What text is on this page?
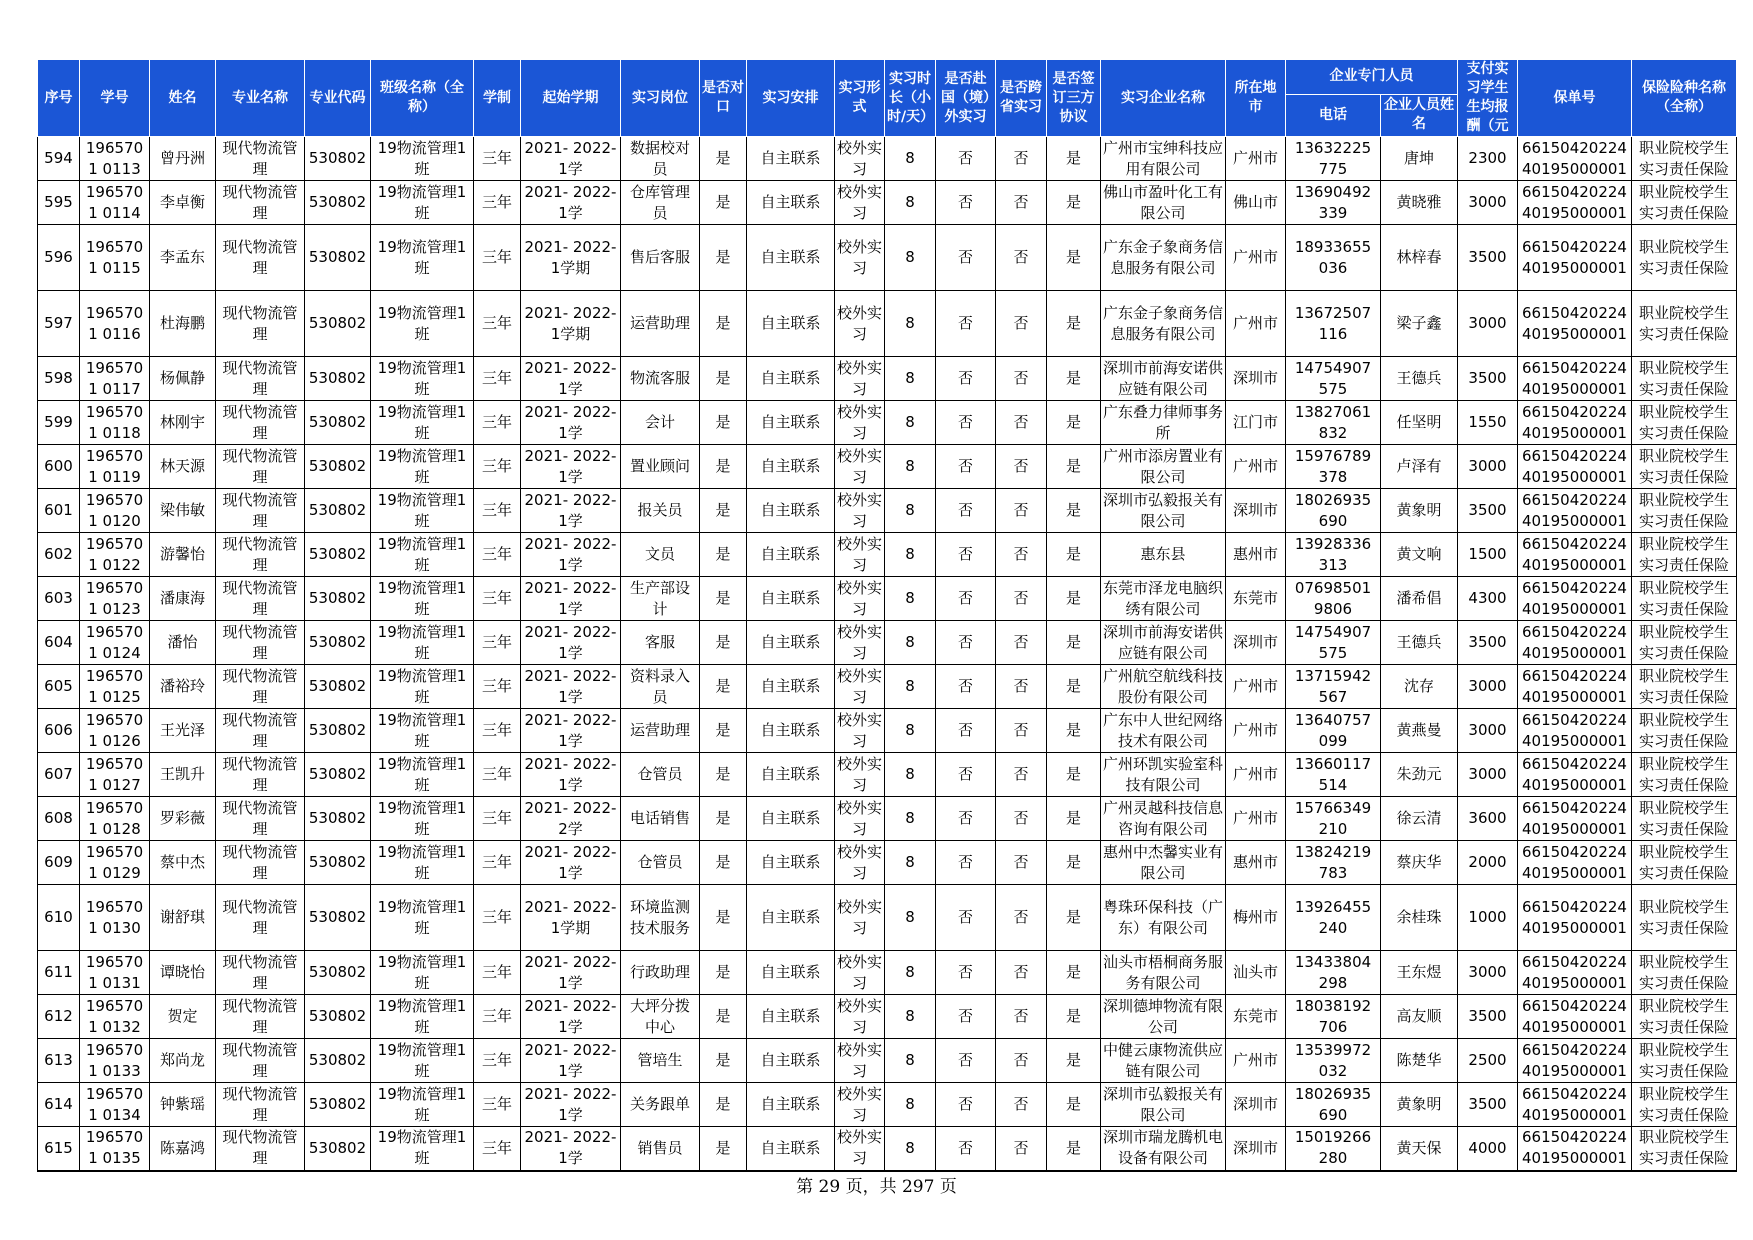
序号	学号	姓名	专业名称	专业代码	班级名称（全称）	学制	起始学期	实习岗位	是否对口	实习安排	实习形式	实习时长（小时/天）	是否赴国（境）外实习	是否跨省实习	是否签订三方协议	实习企业名称	所在地市	企业专门人员		支付实习学生生均报酬（元	保单号	保险险种名称（全称）
																		电话	企业人员姓名			

594	1965701 0113	曾丹洲	现代物流管理	530802	19物流管理1班	三年	2021- 2022-1学	数据校对员	是	自主联系	校外实习	8	否	否	是	广州市宝绅科技应用有限公司	广州市	13632225 775	唐坤	2300	66150420224 40195000001	职业院校学生实习责任保险

595	1965701 0114	李卓衡	现代物流管理	530802	19物流管理1班	三年	2021- 2022-1学	仓库管理员	是	自主联系	校外实习	8	否	否	是	佛山市盈叶化工有限公司	佛山市	13690492 339	黄晓雅	3000	66150420224 40195000001	职业院校学生实习责任保险

596	1965701 0115	李孟东	现代物流管理	530802	19物流管理1班	三年	2021- 2022-1学期	售后客服	是	自主联系	校外实习	8	否	否	是	广东金子象商务信息服务有限公司	广州市	18933655 036	林梓春	3500	66150420224 40195000001	职业院校学生实习责任保险

597	1965701 0116	杜海鹏	现代物流管理	530802	19物流管理1班	三年	2021- 2022-1学期	运营助理	是	自主联系	校外实习	8	否	否	是	广东金子象商务信息服务有限公司	广州市	13672507 116	梁子鑫	3000	66150420224 40195000001	职业院校学生实习责任保险

598	1965701 0117	杨佩静	现代物流管理	530802	19物流管理1班	三年	2021- 2022-1学	物流客服	是	自主联系	校外实习	8	否	否	是	深圳市前海安诺供应链有限公司	深圳市	14754907 575	王德兵	3500	66150420224 40195000001	职业院校学生实习责任保险

599	1965701 0118	林刚宇	现代物流管理	530802	19物流管理1班	三年	2021- 2022-1学	会计	是	自主联系	校外实习	8	否	否	是	广东叠力律师事务所	江门市	13827061 832	任坚明	1550	66150420224 40195000001	职业院校学生实习责任保险

600	1965701 0119	林天源	现代物流管理	530802	19物流管理1班	三年	2021- 2022-1学	置业顾问	是	自主联系	校外实习	8	否	否	是	广州市添房置业有限公司	广州市	15976789 378	卢泽有	3000	66150420224 40195000001	职业院校学生实习责任保险

601	1965701 0120	梁伟敏	现代物流管理	530802	19物流管理1班	三年	2021- 2022-1学	报关员	是	自主联系	校外实习	8	否	否	是	深圳市弘毅报关有限公司	深圳市	18026935 690	黄象明	3500	66150420224 40195000001	职业院校学生实习责任保险

602	1965701 0122	游馨怡	现代物流管理	530802	19物流管理1班	三年	2021- 2022-1学	文员	是	自主联系	校外实习	8	否	否	是	惠东县	惠州市	13928336 313	黄文响	1500	66150420224 40195000001	职业院校学生实习责任保险

603	1965701 0123	潘康海	现代物流管理	530802	19物流管理1班	三年	2021- 2022-1学	生产部设计	是	自主联系	校外实习	8	否	否	是	东莞市泽龙电脑织绣有限公司	东莞市	07698501 9806	潘希倡	4300	66150420224 40195000001	职业院校学生实习责任保险

604	1965701 0124	潘怡	现代物流管理	530802	19物流管理1班	三年	2021- 2022-1学	客服	是	自主联系	校外实习	8	否	否	是	深圳市前海安诺供应链有限公司	深圳市	14754907 575	王德兵	3500	66150420224 40195000001	职业院校学生实习责任保险

605	1965701 0125	潘裕玲	现代物流管理	530802	19物流管理1班	三年	2021- 2022-1学	资料录入员	是	自主联系	校外实习	8	否	否	是	广州航空航线科技股份有限公司	广州市	13715942 567	沈存	3000	66150420224 40195000001	职业院校学生实习责任保险

606	1965701 0126	王光泽	现代物流管理	530802	19物流管理1班	三年	2021- 2022-1学	运营助理	是	自主联系	校外实习	8	否	否	是	广东中人世纪网络技术有限公司	广州市	13640757 099	黄燕曼	3000	66150420224 40195000001	职业院校学生实习责任保险

607	1965701 0127	王凯升	现代物流管理	530802	19物流管理1班	三年	2021- 2022-1学	仓管员	是	自主联系	校外实习	8	否	否	是	广州环凯实验室科技有限公司	广州市	13660117 514	朱劲元	3000	66150420224 40195000001	职业院校学生实习责任保险

608	1965701 0128	罗彩薇	现代物流管理	530802	19物流管理1班	三年	2021- 2022-2学	电话销售	是	自主联系	校外实习	8	否	否	是	广州灵越科技信息咨询有限公司	广州市	15766349 210	徐云清	3600	66150420224 40195000001	职业院校学生实习责任保险

609	1965701 0129	蔡中杰	现代物流管理	530802	19物流管理1班	三年	2021- 2022-1学	仓管员	是	自主联系	校外实习	8	否	否	是	惠州中杰馨实业有限公司	惠州市	13824219 783	蔡庆华	2000	66150420224 40195000001	职业院校学生实习责任保险

610	1965701 0130	谢舒琪	现代物流管理	530802	19物流管理1班	三年	2021- 2022-1学期	环境监测技术服务	是	自主联系	校外实习	8	否	否	是	粤珠环保科技（广东）有限公司	梅州市	13926455 240	余桂珠	1000	66150420224 40195000001	职业院校学生实习责任保险

611	1965701 0131	谭晓怡	现代物流管理	530802	19物流管理1班	三年	2021- 2022-1学	行政助理	是	自主联系	校外实习	8	否	否	是	汕头市梧桐商务服务有限公司	汕头市	13433804 298	王东煜	3000	66150420224 40195000001	职业院校学生实习责任保险

612	1965701 0132	贺定	现代物流管理	530802	19物流管理1班	三年	2021- 2022-1学	大坪分拨中心	是	自主联系	校外实习	8	否	否	是	深圳德坤物流有限公司	东莞市	18038192 706	高友顺	3500	66150420224 40195000001	职业院校学生实习责任保险

613	1965701 0133	郑尚龙	现代物流管理	530802	19物流管理1班	三年	2021- 2022-1学	管培生	是	自主联系	校外实习	8	否	否	是	中健云康物流供应链有限公司	广州市	13539972 032	陈楚华	2500	66150420224 40195000001	职业院校学生实习责任保险

614	1965701 0134	钟紫瑶	现代物流管理	530802	19物流管理1班	三年	2021- 2022-1学	关务跟单	是	自主联系	校外实习	8	否	否	是	深圳市弘毅报关有限公司	深圳市	18026935 690	黄象明	3500	66150420224 40195000001	职业院校学生实习责任保险

615	1965701 0135	陈嘉鸿	现代物流管理	530802	19物流管理1班	三年	2021- 2022-1学	销售员	是	自主联系	校外实习	8	否	否	是	深圳市瑞龙腾机电设备有限公司	深圳市	15019266 280	黄天保	4000	66150420224 40195000001	职业院校学生实习责任保险
第 29 页，共 297 页
